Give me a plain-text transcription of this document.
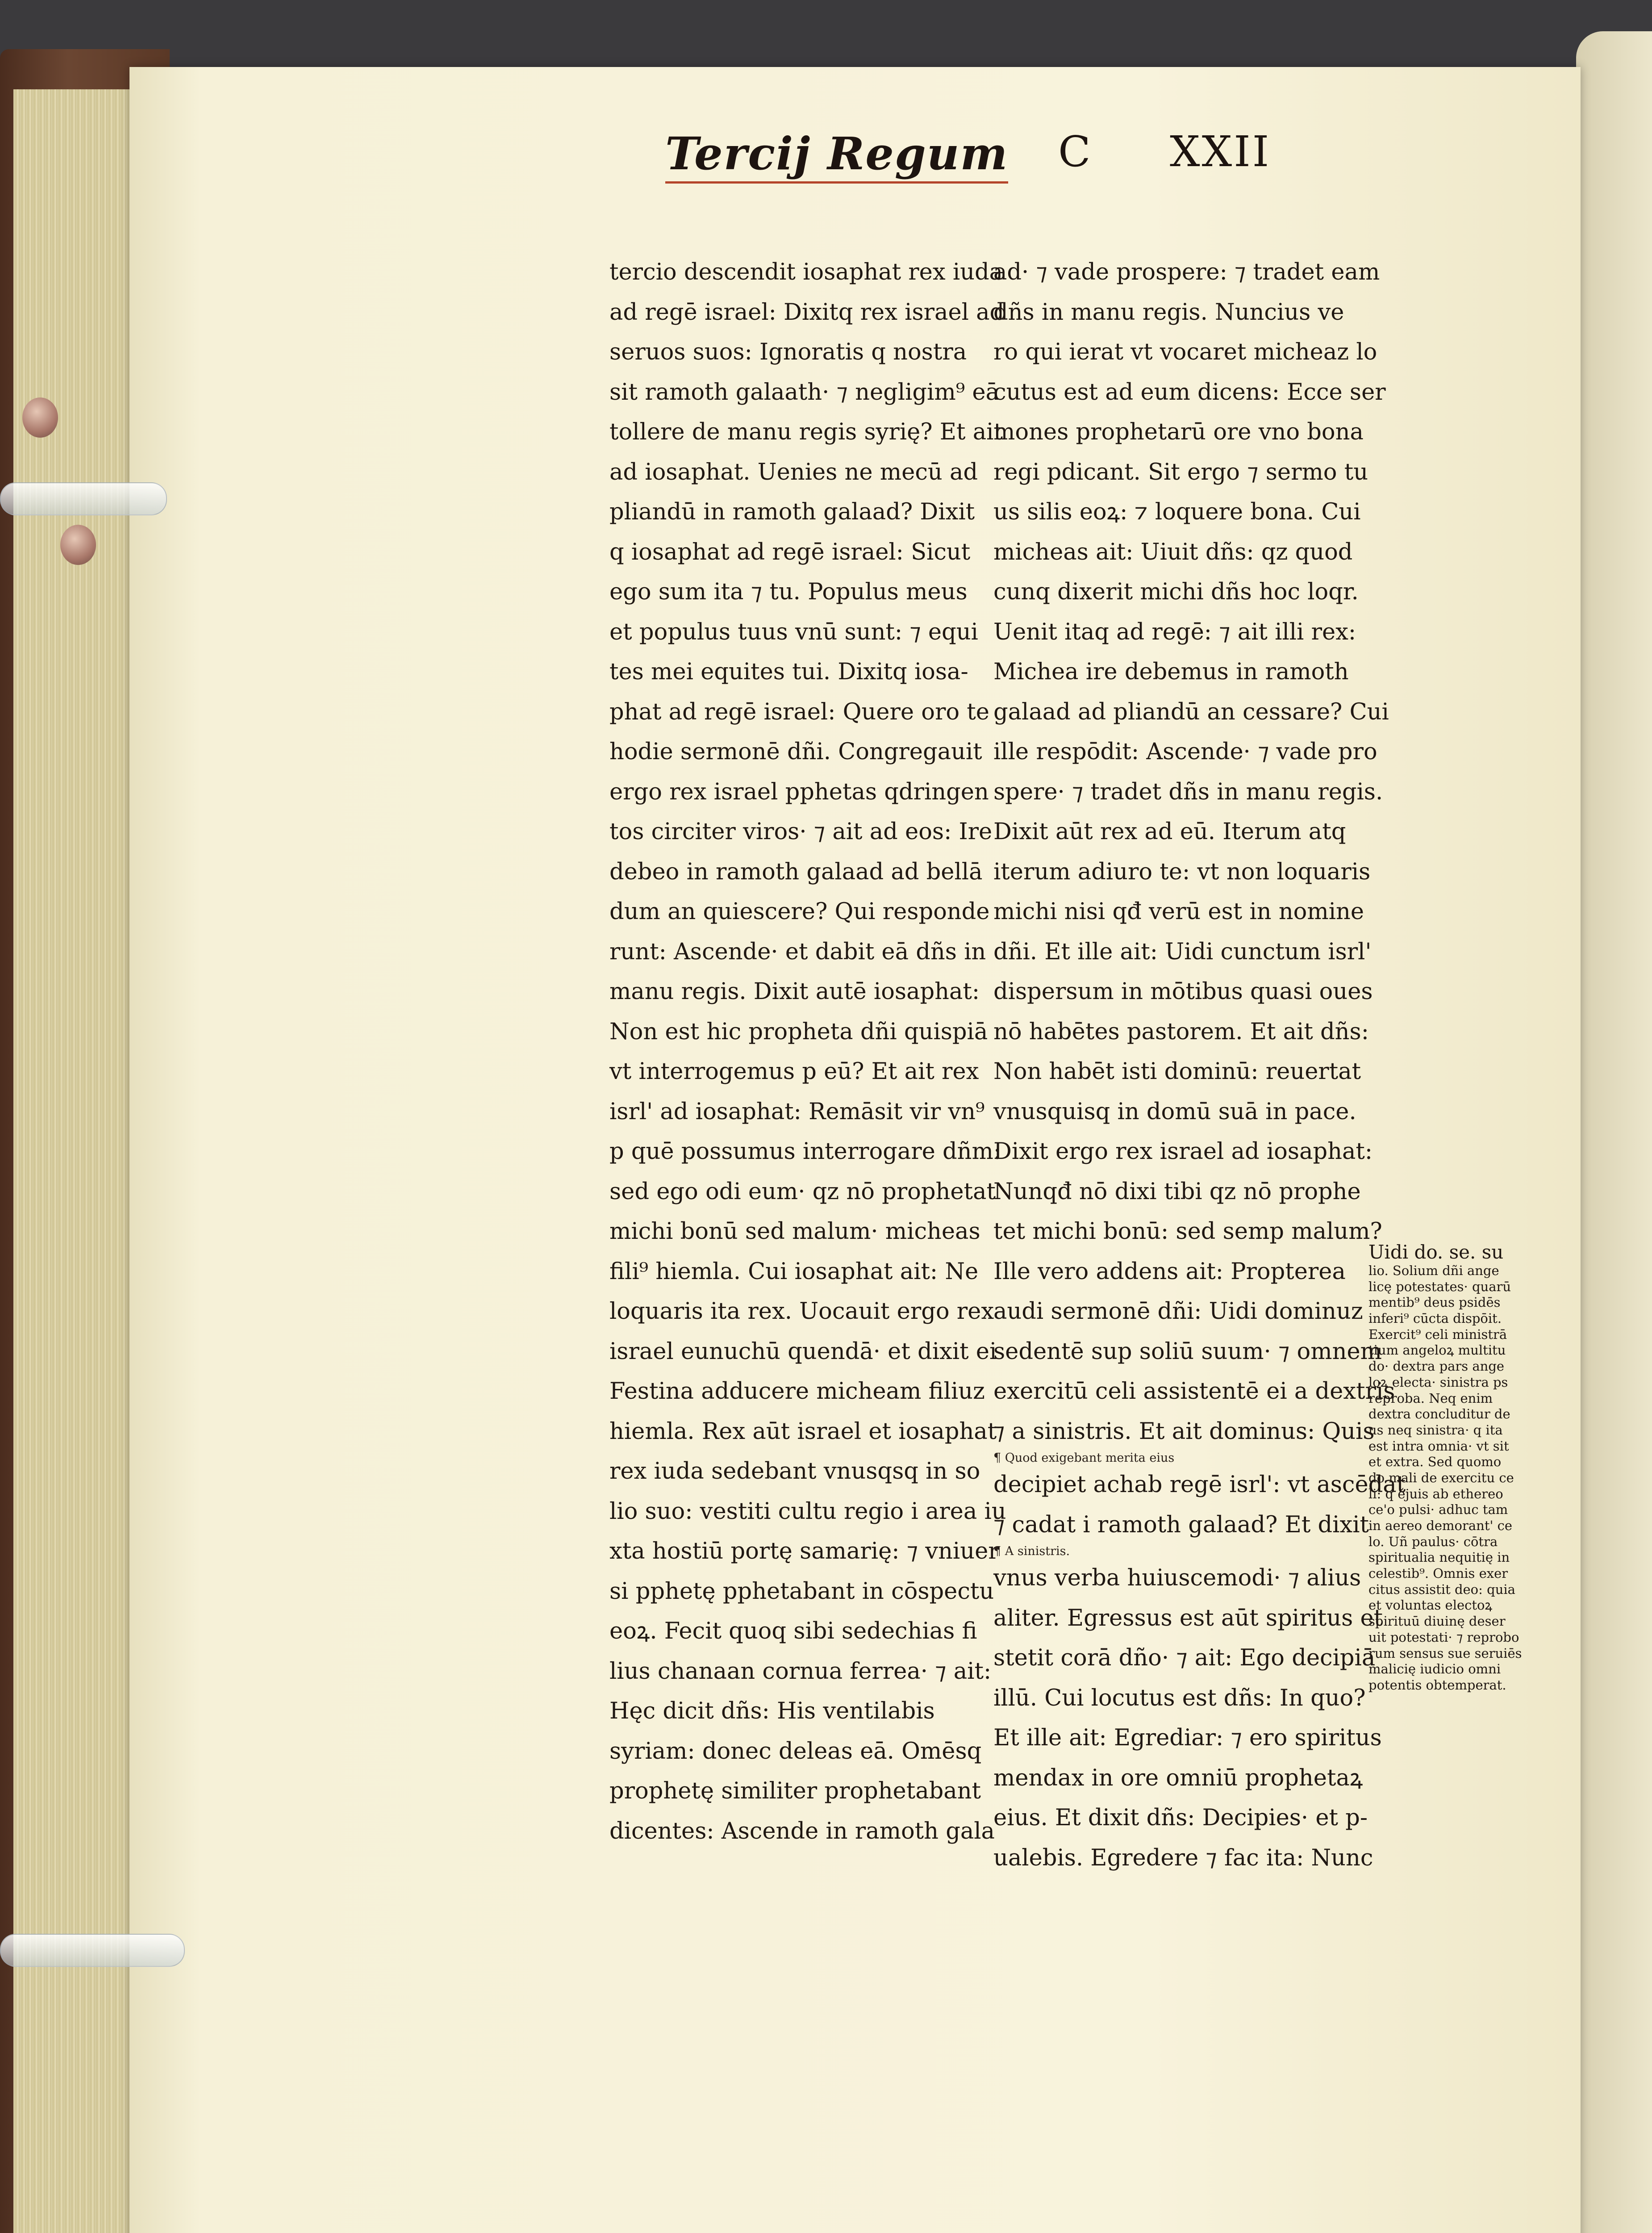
Tercij Regum C XXII
tercio descendit iosaphat rex iuda
ad regē israel: Dixitq rex israel ad
seruos suos: Ignoratis q nostra
sit ramoth galaath· ⁊ negligim⁹ eā
tollere de manu regis syrię? Et ait
ad iosaphat. Uenies ne mecū ad
pliandū in ramoth galaad? Dixit
q iosaphat ad regē israel: Sicut
ego sum ita ⁊ tu. Populus meus
et populus tuus vnū sunt: ⁊ equi
tes mei equites tui. Dixitq iosa-
phat ad regē israel: Quere oro te
hodie sermonē dñi. Congregauit
ergo rex israel pphetas qdringen
tos circiter viros· ⁊ ait ad eos: Ire
debeo in ramoth galaad ad bellā
dum an quiescere? Qui responde
runt: Ascende· et dabit eā dñs in
manu regis. Dixit autē iosaphat:
Non est hic propheta dñi quispiā
vt interrogemus p eū? Et ait rex
isrl' ad iosaphat: Remāsit vir vn⁹
p quē possumus interrogare dñm:
sed ego odi eum· qz nō prophetat
michi bonū sed malum· micheas
fili⁹ hiemla. Cui iosaphat ait: Ne
loquaris ita rex. Uocauit ergo rex
israel eunuchū quendā· et dixit ei
Festina adducere micheam filiuz
hiemla. Rex aūt israel et iosaphat
rex iuda sedebant vnusqsq in so
lio suo: vestiti cultu regio i area iu
xta hostiū portę samarię: ⁊ vniuer
si pphetę pphetabant in cōspectu
eoꝝ. Fecit quoq sibi sedechias fi
lius chanaan cornua ferrea· ⁊ ait:
Hęc dicit dñs: His ventilabis
syriam: donec deleas eā. Omēsq
prophetę similiter prophetabant
dicentes: Ascende in ramoth gala
ad· ⁊ vade prospere: ⁊ tradet eam
dñs in manu regis. Nuncius ve
ro qui ierat vt vocaret micheaz lo
cutus est ad eum dicens: Ecce ser
mones prophetarū ore vno bona
regi pdicant. Sit ergo ⁊ sermo tu
us silis eoꝝ: ⁊ loquere bona. Cui
micheas ait: Uiuit dñs: qz quod
cunq dixerit michi dñs hoc loqr.
Uenit itaq ad regē: ⁊ ait illi rex:
Michea ire debemus in ramoth
galaad ad pliandū an cessare? Cui
ille respōdit: Ascende· ⁊ vade pro
spere· ⁊ tradet dñs in manu regis.
Dixit aūt rex ad eū. Iterum atq
iterum adiuro te: vt non loquaris
michi nisi qđ verū est in nomine
dñi. Et ille ait: Uidi cunctum isrl'
dispersum in mōtibus quasi oues
nō habētes pastorem. Et ait dñs:
Non habēt isti dominū: reuertat
vnusquisq in domū suā in pace.
Dixit ergo rex israel ad iosaphat:
Nunqđ nō dixi tibi qz nō prophe
tet michi bonū: sed semp malum?
Ille vero addens ait: Propterea
audi sermonē dñi: Uidi dominuz
sedentē sup soliū suum· ⁊ omnem
exercitū celi assistentē ei a dextris
⁊ a sinistris. Et ait dominus: Quis
¶ Quod exigebant merita eius
decipiet achab regē isrl': vt ascēdat
⁊ cadat i ramoth galaad? Et dixit
¶ A sinistris.
vnus verba huiuscemodi· ⁊ alius
aliter. Egressus est aūt spiritus et
stetit corā dño· ⁊ ait: Ego decipiā
illū. Cui locutus est dñs: In quo?
Et ille ait: Egrediar: ⁊ ero spiritus
mendax in ore omniū prophetaꝝ
eius. Et dixit dñs: Decipies· et p-
ualebis. Egredere ⁊ fac ita: Nunc
Uidi do. se. su
lio. Solium dñi ange
licę potestates· quarū
mentib⁹ deus psidēs
inferi⁹ cūcta dispōit.
Exercit⁹ celi ministrā
tium angeloꝝ multitu
do· dextra pars ange
loꝝ electa· sinistra ps
reproba. Neq enim
dextra concluditur de
us neq sinistra· q ita
est intra omnia· vt sit
et extra. Sed quomo
do mali de exercitu ce
li: q ějuis ab ethereo
ce'o pulsi· adhuc tam
in aereo demorant' ce
lo. Uñ paulus· cōtra
spiritualia nequitię in
celestib⁹. Omnis exer
citus assistit deo: quia
et voluntas electoꝝ
spirituū diuinę deser
uit potestati· ⁊ reprobo
rum sensus sue seruiēs
malicię iudicio omni
potentis obtemperat.
